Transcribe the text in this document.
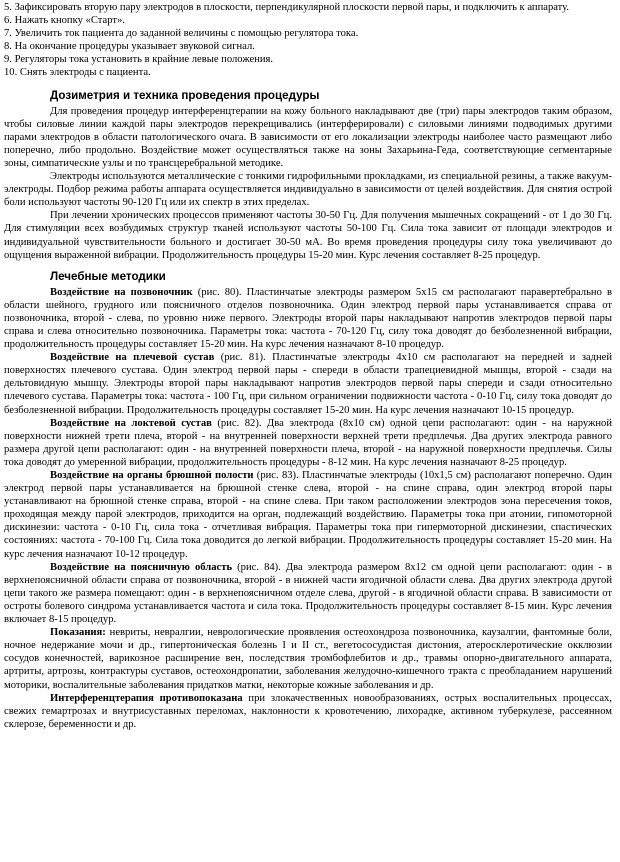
5. Зафиксировать вторую пару электродов в плоскости, перпендикулярной плоскости первой пары, и подключить к аппарату.

6. Нажать кнопку «Старт».

7. Увеличить ток пациента до заданной величины с помощью регулятора тока.

8. На окончание процедуры указывает звуковой сигнал.

9. Регуляторы тока установить в крайние левые положения.

10. Снять электроды с пациента.

Дозиметрия и техника проведения процедуры

Для проведения процедур интерференцтерапии на кожу больного накладывают две (три) пары электродов таким образом, чтобы силовые линии каждой пары электродов перекрещивались (интерферировали) с силовыми линиями подводимых другими парами электродов в области патологического очага. В зависимости от его локализации электроды наиболее часто размещают либо поперечно, либо продольно. Воздействие может осуществляться также на зоны Захарьина-Геда, соответствующие сегментарные зоны, симпатические узлы и по трансцеребральной методике.

Электроды используются металлические с тонкими гидрофильными прокладками, из специальной резины, а также вакуум-электроды. Подбор режима работы аппарата осуществляется индивидуально в зависимости от целей воздействия. Для снятия острой боли используют частоты 90-120 Гц или их спектр в этих пределах.

При лечении хронических процессов применяют частоты 30-50 Гц. Для получения мышечных сокращений - от 1 до 30 Гц. Для стимуляции всех возбудимых структур тканей используют частоты 50-100 Гц. Сила тока зависит от площади электродов и индивидуальной чувствительности больного и достигает 30-50 мА. Во время проведения процедуры силу тока увеличивают до ощущения выраженной вибрации. Продолжительность процедуры 15-20 мин. Курс лечения составляет 8-25 процедур.

Лечебные методики

Воздействие на позвоночник (рис. 80). Пластинчатые электроды размером 5х15 см располагают паравертебрально в области шейного, грудного или поясничного отделов позвоночника. Один электрод первой пары устанавливается справа от позвоночника, второй - слева, по уровню ниже первого. Электроды второй пары накладывают напротив электродов первой пары справа и слева относительно позвоночника. Параметры тока: частота - 70-120 Гц, силу тока доводят до безболезненной вибрации, продолжительность процедуры составляет 15-20 мин. На курс лечения назначают 8-10 процедур.

Воздействие на плечевой сустав (рис. 81). Пластинчатые электроды 4х10 см располагают на передней и задней поверхностях плечевого сустава. Один электрод первой пары - спереди в области трапециевидной мышцы, второй - сзади на дельтовидную мышцу. Электроды второй пары накладывают напротив электродов первой пары спереди и сзади относительно плечевого сустава. Параметры тока: частота - 100 Гц, при сильном ограничении подвижности частота - 0-10 Гц, силу тока доводят до безболезненной вибрации. Продолжительность процедуры составляет 15-20 мин. На курс лечения назначают 10-15 процедур.

Воздействие на локтевой сустав (рис. 82). Два электрода (8х10 см) одной цепи располагают: один - на наружной поверхности нижней трети плеча, второй - на внутренней поверхности верхней трети предплечья. Два других электрода равного размера другой цепи располагают: один - на внутренней поверхности плеча, второй - на наружной поверхности предплечья. Силы тока доводят до умеренной вибрации, продолжительность процедуры - 8-12 мин. На курс лечения назначают 8-25 процедур.

Воздействие на органы брюшной полости (рис. 83). Пластинчатые электроды (10х1,5 см) располагают поперечно. Один электрод первой пары устанавливается на брюшной стенке слева, второй - на спине справа, один электрод второй пары устанавливают на брюшной стенке справа, второй - на спине слева. При таком расположении электродов зона пересечения токов, проходящая между парой электродов, приходится на орган, подлежащий воздействию. Параметры тока при атонии, гипомоторной дискинезии: частота - 0-10 Гц, сила тока - отчетливая вибрация. Параметры тока при гипермоторной дискинезии, спастических состояниях: частота - 70-100 Гц. Сила тока доводится до легкой вибрации. Продолжительность процедуры составляет 15-20 мин. На курс лечения назначают 10-12 процедур.

Воздействие на поясничную область (рис. 84). Два электрода размером 8х12 см одной цепи располагают: один - в верхнепоясничной области справа от позвоночника, второй - в нижней части ягодичной области слева. Два других электрода другой цепи такого же размера помещают: один - в верхнепоясничном отделе слева, другой - в ягодичной области справа. В зависимости от остроты болевого синдрома устанавливается частота и сила тока. Продолжительность процедуры составляет 8-15 мин. Курс лечения включает 8-15 процедур.

Показания: невриты, невралгии, неврологические проявления остеохондроза позвоночника, каузалгии, фантомные боли, ночное недержание мочи и др., гипертоническая болезнь I и II ст., вегетососудистая дистония, атеросклеротические окклюзии сосудов конечностей, варикозное расширение вен, последствия тромбофлебитов и др., травмы опорно-двигательного аппарата, артриты, артрозы, контрактуры суставов, остеохондропатии, заболевания желудочно-кишечного тракта с преобладанием нарушений моторики, воспалительные заболевания придатков матки, некоторые кожные заболевания и др.

Интерференцтерапия противопоказана при злокачественных новообразованиях, острых воспалительных процессах, свежих гемартрозах и внутрисуставных переломах, наклонности к кровотечению, лихорадке, активном туберкулезе, рассеянном склерозе, беременности и др.
